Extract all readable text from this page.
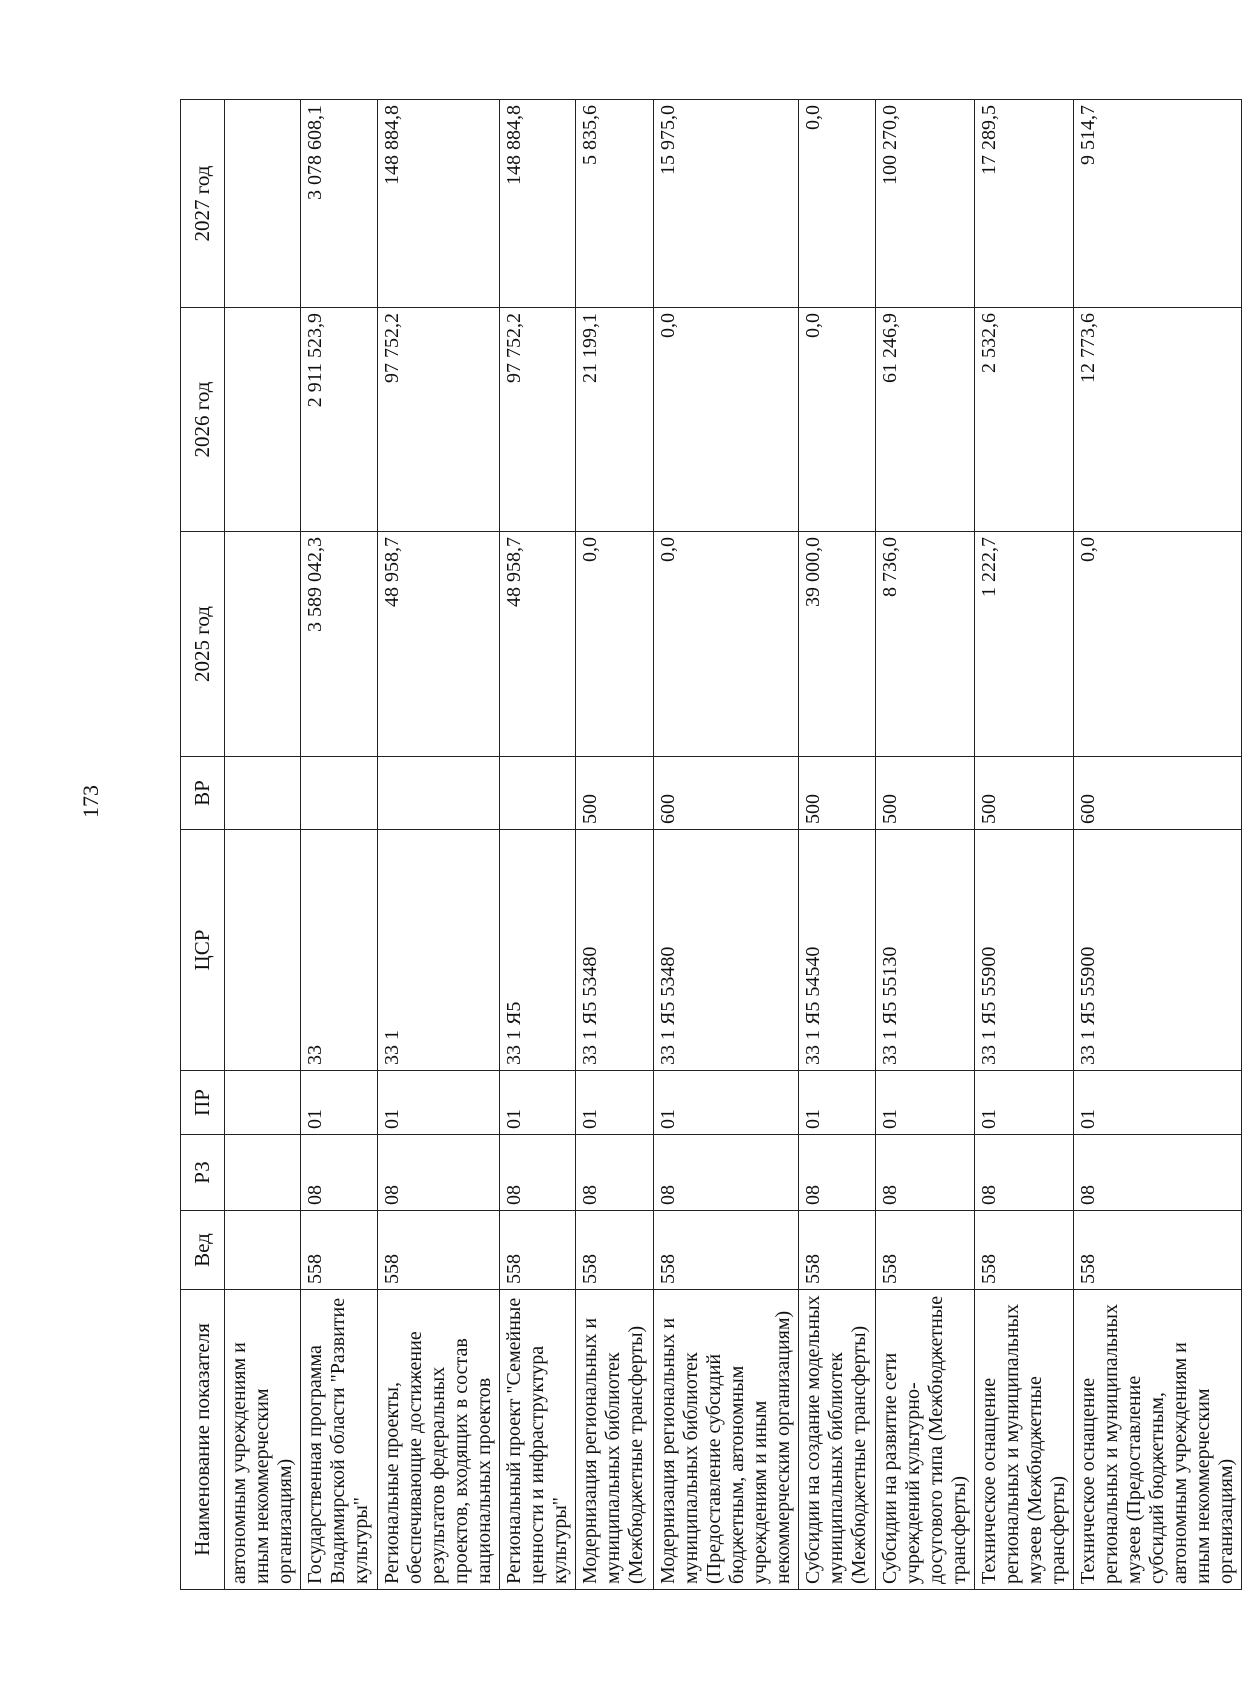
173
Наименование показателя	Вед	РЗ	ПР	ЦСР	ВР	2025 год	2026 год	2027 год
автономным учреждениям и иным некоммерческим организациям)								
Государственная программа Владимирской области "Развитие культуры"	558	08	01	33		3 589 042,3	2 911 523,9	3 078 608,1
Региональные проекты, обеспечивающие достижение результатов федеральных проектов, входящих в состав национальных проектов	558	08	01	33 1		48 958,7	97 752,2	148 884,8
Региональный проект "Семейные ценности и инфраструктура культуры"	558	08	01	33 1 Я5		48 958,7	97 752,2	148 884,8
Модернизация региональных и муниципальных библиотек (Межбюджетные трансферты)	558	08	01	33 1 Я5 53480	500	0,0	21 199,1	5 835,6
Модернизация региональных и муниципальных библиотек (Предоставление субсидий бюджетным, автономным учреждениям и иным некоммерческим организациям)	558	08	01	33 1 Я5 53480	600	0,0	0,0	15 975,0
Субсидии на создание модельных муниципальных библиотек (Межбюджетные трансферты)	558	08	01	33 1 Я5 54540	500	39 000,0	0,0	0,0
Субсидии на развитие сети учреждений культурно-досугового типа (Межбюджетные трансферты)	558	08	01	33 1 Я5 55130	500	8 736,0	61 246,9	100 270,0
Техническое оснащение региональных и муниципальных музеев (Межбюджетные трансферты)	558	08	01	33 1 Я5 55900	500	1 222,7	2 532,6	17 289,5
Техническое оснащение региональных и муниципальных музеев (Предоставление субсидий бюджетным, автономным учреждениям и иным некоммерческим организациям)	558	08	01	33 1 Я5 55900	600	0,0	12 773,6	9 514,7
